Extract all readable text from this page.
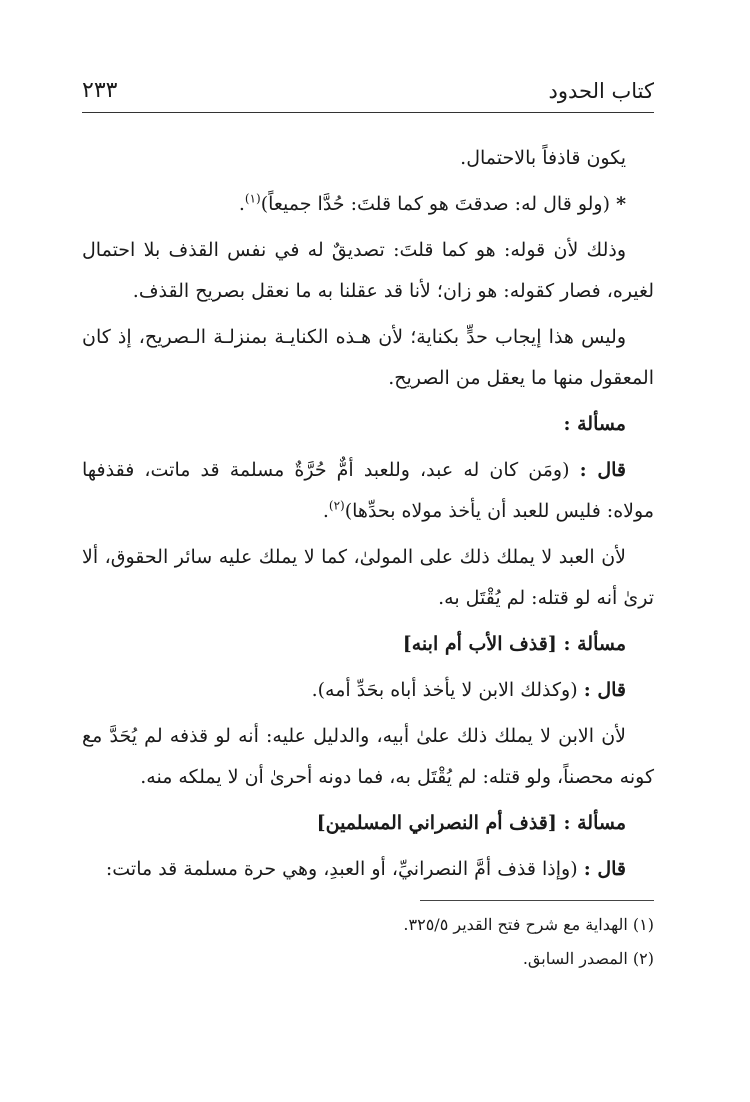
كتاب الحدود
٢٣٣

يكون قاذفاً بالاحتمال.

* (ولو قال له: صدقتَ هو كما قلتَ: حُدَّا جميعاً)$^{(١)}$.

وذلك لأن قوله: هو كما قلتَ: تصديقٌ له في نفس القذف بلا احتمال لغيره، فصار كقوله: هو زان؛ لأنا قد عقلنا به ما نعقل بصريح القذف.

وليس هذا إيجاب حدٍّ بكناية؛ لأن هـذه الكنايـة بمنزلـة الـصريح، إذ كان المعقول منها ما يعقل من الصريح.

مسألة :

قال : (ومَن كان له عبد، وللعبد أمٌّ حُرَّةٌ مسلمة قد ماتت، فقذفها مولاه: فليس للعبد أن يأخذ مولاه بحدِّها)$^{(٢)}$.

لأن العبد لا يملك ذلك على المولىٰ، كما لا يملك عليه سائر الحقوق، ألا ترىٰ أنه لو قتله: لم يُقْتَل به.

مسألة : [قذف الأب أم ابنه]

قال : (وكذلك الابن لا يأخذ أباه بحَدِّ أمه).

لأن الابن لا يملك ذلك علىٰ أبيه، والدليل عليه: أنه لو قذفه لم يُحَدَّ مع كونه محصناً، ولو قتله: لم يُقْتَل به، فما دونه أحرىٰ أن لا يملكه منه.

مسألة : [قذف أم النصراني المسلمين]

قال : (وإذا قذف أمَّ النصرانيِّ، أو العبدِ، وهي حرة مسلمة قد ماتت:

(١) الهداية مع شرح فتح القدير ٣٢٥/٥.

(٢) المصدر السابق.
